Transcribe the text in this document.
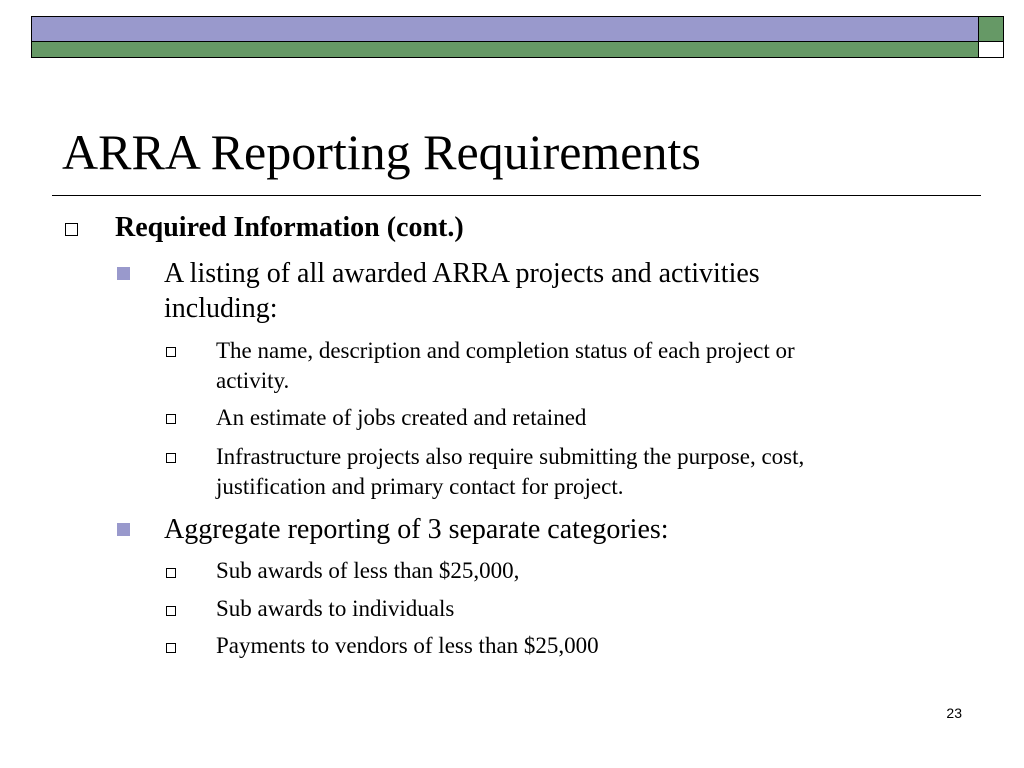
ARRA Reporting Requirements
Required Information (cont.)
A listing of all awarded ARRA projects and activities
including:
The name, description and completion status of each project or
activity.
An estimate of jobs created and retained
Infrastructure projects also require submitting the purpose, cost,
justification and primary contact for project.
Aggregate reporting of 3 separate categories:
Sub awards of less than $25,000,
Sub awards to individuals
Payments to vendors of less than $25,000
23
